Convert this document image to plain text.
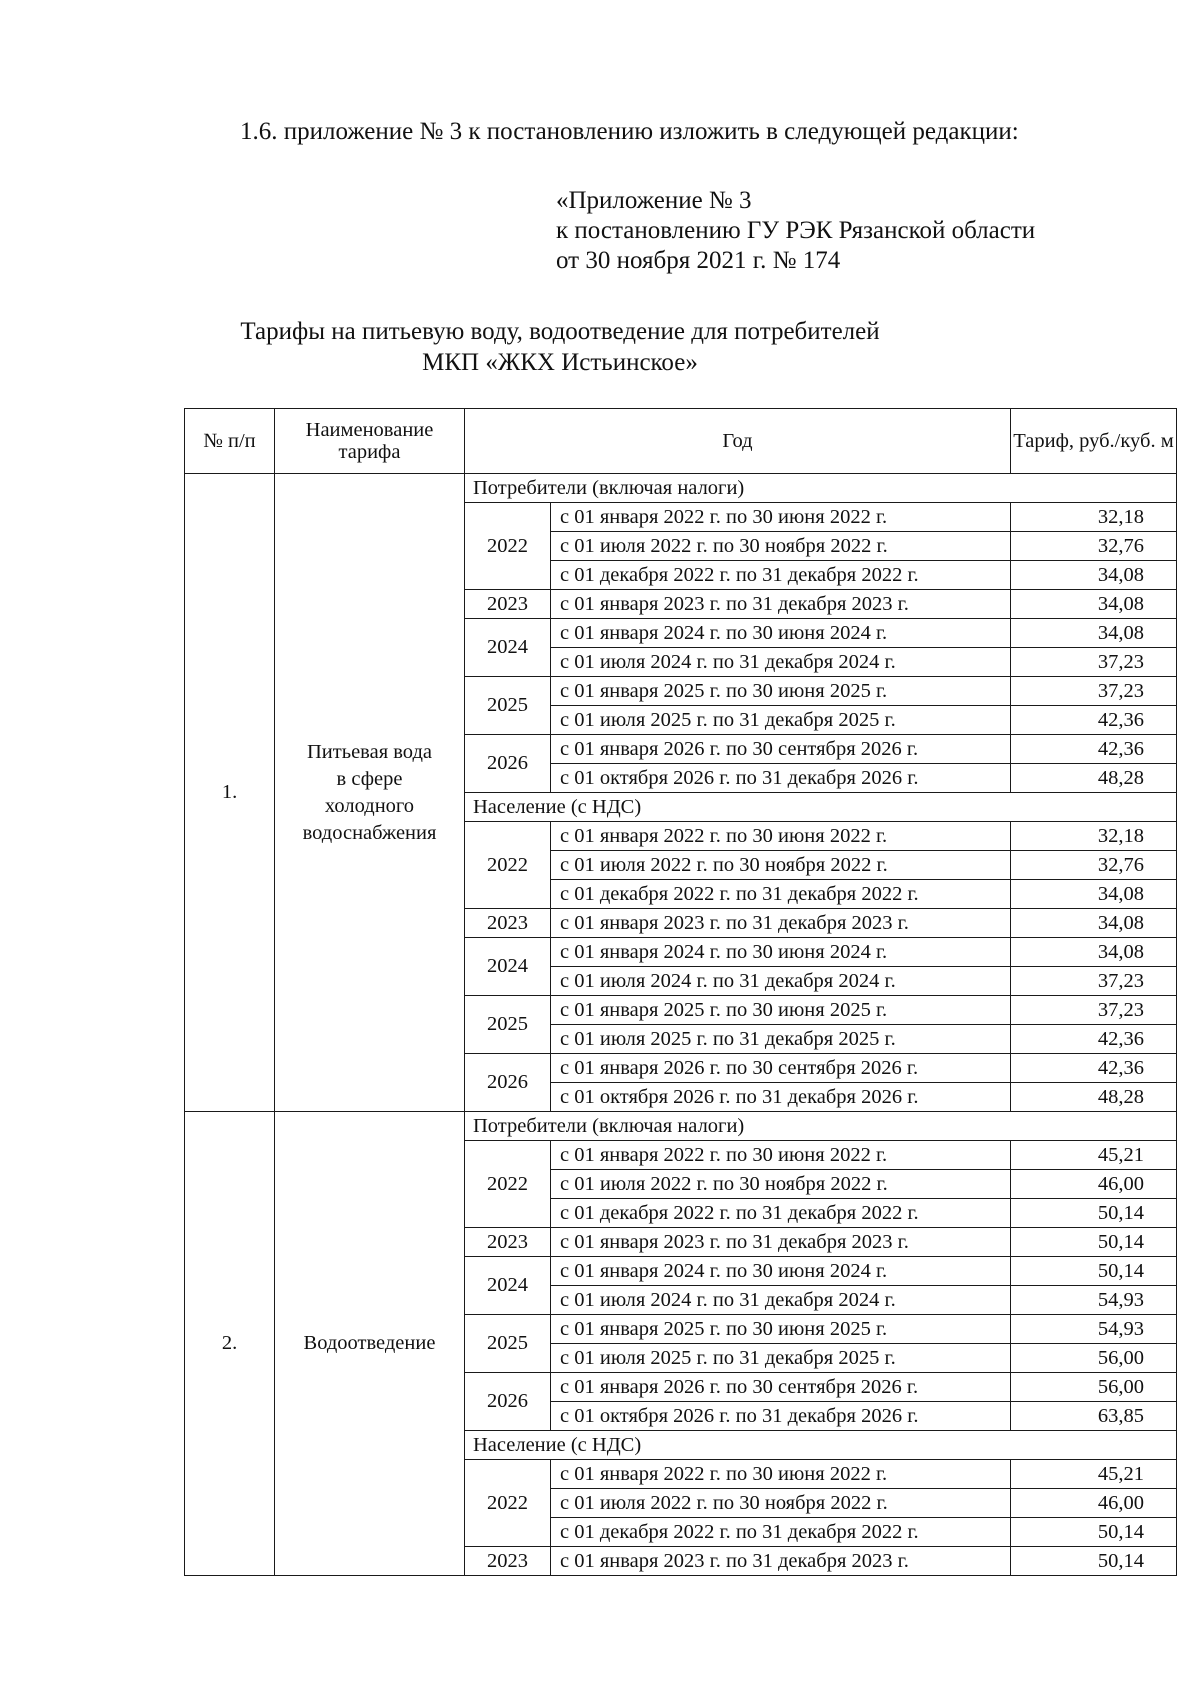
1.6. приложение № 3 к постановлению изложить в следующей редакции:
«Приложение № 3
к постановлению ГУ РЭК Рязанской области
от 30 ноября 2021 г. № 174
Тарифы на питьевую воду, водоотведение для потребителей
МКП «ЖКХ Истьинское»
№ п/п	Наименование тарифа	Год		Тариф, руб./куб. м
1.	Питьевая вода
в сфере
холодного
водоснабжения	Потребители (включая налоги)		
		2022	с 01 января 2022 г. по 30 июня 2022 г.	32,18
			с 01 июля 2022 г. по 30 ноября 2022 г.	32,76
			с 01 декабря 2022 г. по 31 декабря 2022 г.	34,08
		2023	с 01 января 2023 г. по 31 декабря 2023 г.	34,08
		2024	с 01 января 2024 г. по 30 июня 2024 г.	34,08
			с 01 июля 2024 г. по 31 декабря 2024 г.	37,23
		2025	с 01 января 2025 г. по 30 июня 2025 г.	37,23
			с 01 июля 2025 г. по 31 декабря 2025 г.	42,36
		2026	с 01 января 2026 г. по 30 сентября 2026 г.	42,36
			с 01 октября 2026 г. по 31 декабря 2026 г.	48,28
		Население (с НДС)		
		2022	с 01 января 2022 г. по 30 июня 2022 г.	32,18
			с 01 июля 2022 г. по 30 ноября 2022 г.	32,76
			с 01 декабря 2022 г. по 31 декабря 2022 г.	34,08
		2023	с 01 января 2023 г. по 31 декабря 2023 г.	34,08
		2024	с 01 января 2024 г. по 30 июня 2024 г.	34,08
			с 01 июля 2024 г. по 31 декабря 2024 г.	37,23
		2025	с 01 января 2025 г. по 30 июня 2025 г.	37,23
			с 01 июля 2025 г. по 31 декабря 2025 г.	42,36
		2026	с 01 января 2026 г. по 30 сентября 2026 г.	42,36
			с 01 октября 2026 г. по 31 декабря 2026 г.	48,28
2.	Водоотведение	Потребители (включая налоги)		
		2022	с 01 января 2022 г. по 30 июня 2022 г.	45,21
			с 01 июля 2022 г. по 30 ноября 2022 г.	46,00
			с 01 декабря 2022 г. по 31 декабря 2022 г.	50,14
		2023	с 01 января 2023 г. по 31 декабря 2023 г.	50,14
		2024	с 01 января 2024 г. по 30 июня 2024 г.	50,14
			с 01 июля 2024 г. по 31 декабря 2024 г.	54,93
		2025	с 01 января 2025 г. по 30 июня 2025 г.	54,93
			с 01 июля 2025 г. по 31 декабря 2025 г.	56,00
		2026	с 01 января 2026 г. по 30 сентября 2026 г.	56,00
			с 01 октября 2026 г. по 31 декабря 2026 г.	63,85
		Население (с НДС)		
		2022	с 01 января 2022 г. по 30 июня 2022 г.	45,21
			с 01 июля 2022 г. по 30 ноября 2022 г.	46,00
			с 01 декабря 2022 г. по 31 декабря 2022 г.	50,14
		2023	с 01 января 2023 г. по 31 декабря 2023 г.	50,14
